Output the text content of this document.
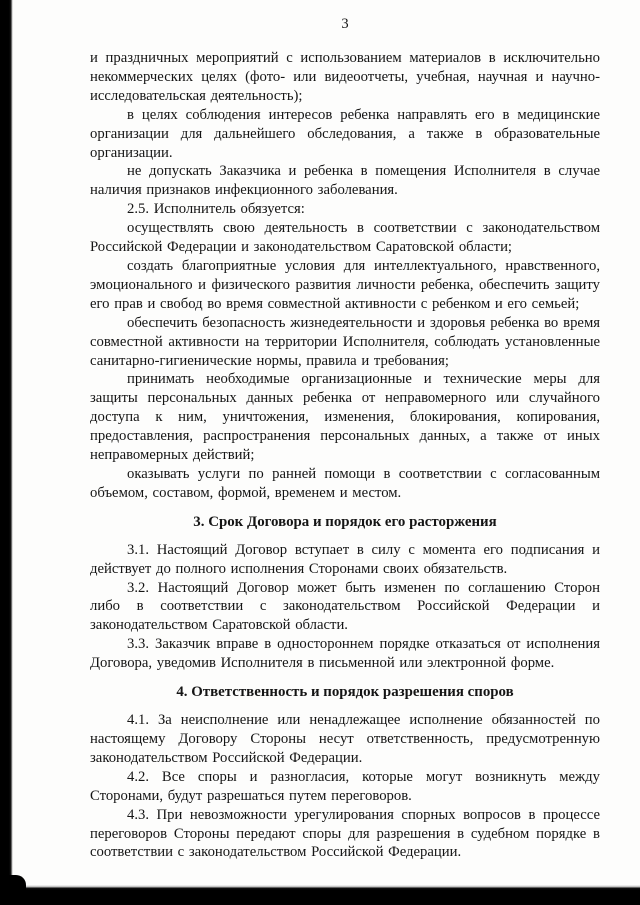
3

и праздничных мероприятий с использованием материалов в исключительно некоммерческих целях (фото- или видеоотчеты, учебная, научная и научно-исследовательская деятельность);

в целях соблюдения интересов ребенка направлять его в медицинские организации для дальнейшего обследования, а также в образовательные организации.

не допускать Заказчика и ребенка в помещения Исполнителя в случае наличия признаков инфекционного заболевания.

2.5. Исполнитель обязуется:

осуществлять свою деятельность в соответствии с законодательством Российской Федерации и законодательством Саратовской области;

создать благоприятные условия для интеллектуального, нравственного, эмоционального и физического развития личности ребенка, обеспечить защиту его прав и свобод во время совместной активности с ребенком и его семьей;

обеспечить безопасность жизнедеятельности и здоровья ребенка во время совместной активности на территории Исполнителя, соблюдать установленные санитарно-гигиенические нормы, правила и требования;

принимать необходимые организационные и технические меры для защиты персональных данных ребенка от неправомерного или случайного доступа к ним, уничтожения, изменения, блокирования, копирования, предоставления, распространения персональных данных, а также от иных неправомерных действий;

оказывать услуги по ранней помощи в соответствии с согласованным объемом, составом, формой, временем и местом.

3. Срок Договора и порядок его расторжения

3.1. Настоящий Договор вступает в силу с момента его подписания и действует до полного исполнения Сторонами своих обязательств.

3.2. Настоящий Договор может быть изменен по соглашению Сторон либо в соответствии с законодательством Российской Федерации и законодательством Саратовской области.

3.3. Заказчик вправе в одностороннем порядке отказаться от исполнения Договора, уведомив Исполнителя в письменной или электронной форме.

4. Ответственность и порядок разрешения споров

4.1. За неисполнение или ненадлежащее исполнение обязанностей по настоящему Договору Стороны несут ответственность, предусмотренную законодательством Российской Федерации.

4.2. Все споры и разногласия, которые могут возникнуть между Сторонами, будут разрешаться путем переговоров.

4.3. При невозможности урегулирования спорных вопросов в процессе переговоров Стороны передают споры для разрешения в судебном порядке в соответствии с законодательством Российской Федерации.
